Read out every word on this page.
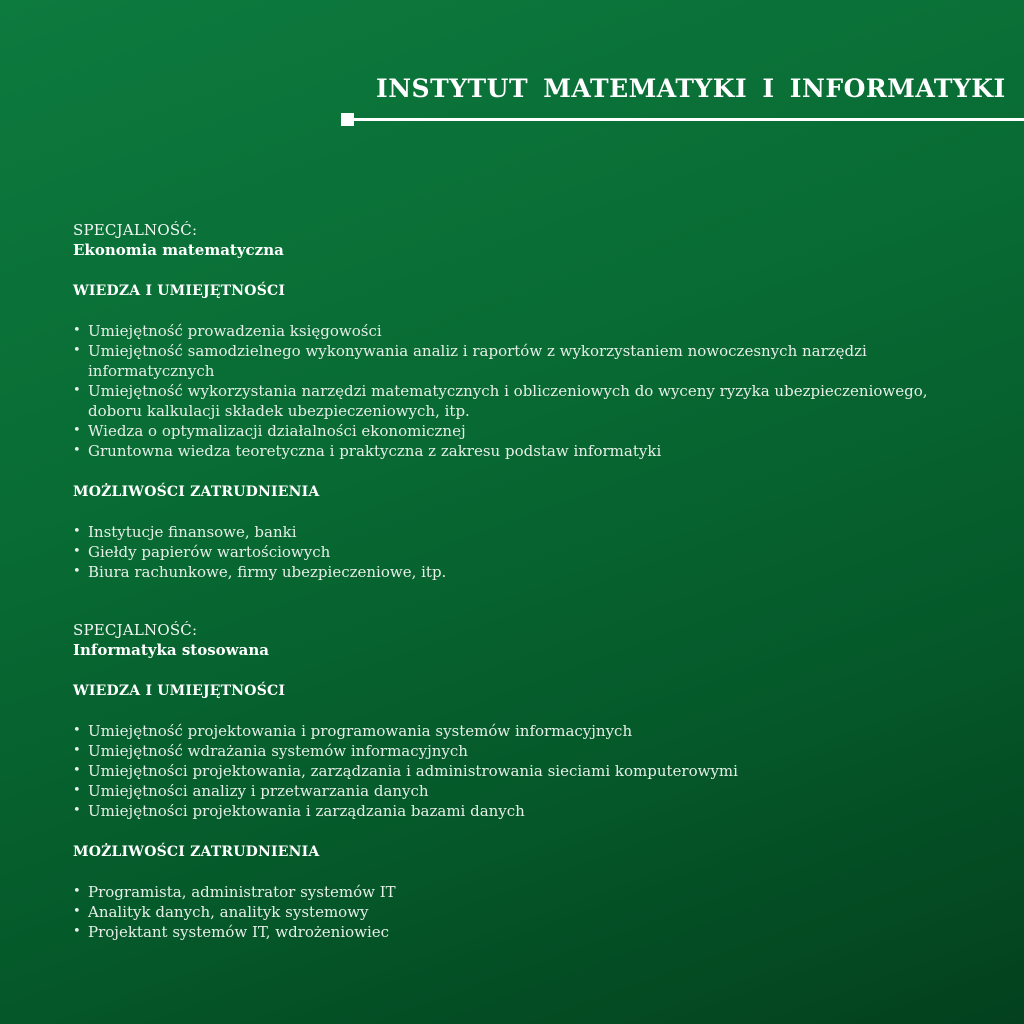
INSTYTUT MATEMATYKI I INFORMATYKI
SPECJALNOŚĆ:
Ekonomia matematyczna
WIEDZA I UMIEJĘTNOŚCI
• Umiejętność prowadzenia księgowości
• Umiejętność samodzielnego wykonywania analiz i raportów z wykorzystaniem nowoczesnych narzędzi informatycznych
• Umiejętność wykorzystania narzędzi matematycznych i obliczeniowych do wyceny ryzyka ubezpieczeniowego, doboru kalkulacji składek ubezpieczeniowych, itp.
• Wiedza o optymalizacji działalności ekonomicznej
• Gruntowna wiedza teoretyczna i praktyczna z zakresu podstaw informatyki
MOŻLIWOŚCI ZATRUDNIENIA
• Instytucje finansowe, banki
• Giełdy papierów wartościowych
• Biura rachunkowe, firmy ubezpieczeniowe, itp.
SPECJALNOŚĆ:
Informatyka stosowana
WIEDZA I UMIEJĘTNOŚCI
• Umiejętność projektowania i programowania systemów informacyjnych
• Umiejętność wdrażania systemów informacyjnych
• Umiejętności projektowania, zarządzania i administrowania sieciami komputerowymi
• Umiejętności analizy i przetwarzania danych
• Umiejętności projektowania i zarządzania bazami danych
MOŻLIWOŚCI ZATRUDNIENIA
• Programista, administrator systemów IT
• Analityk danych, analityk systemowy
• Projektant systemów IT, wdrożeniowiec
